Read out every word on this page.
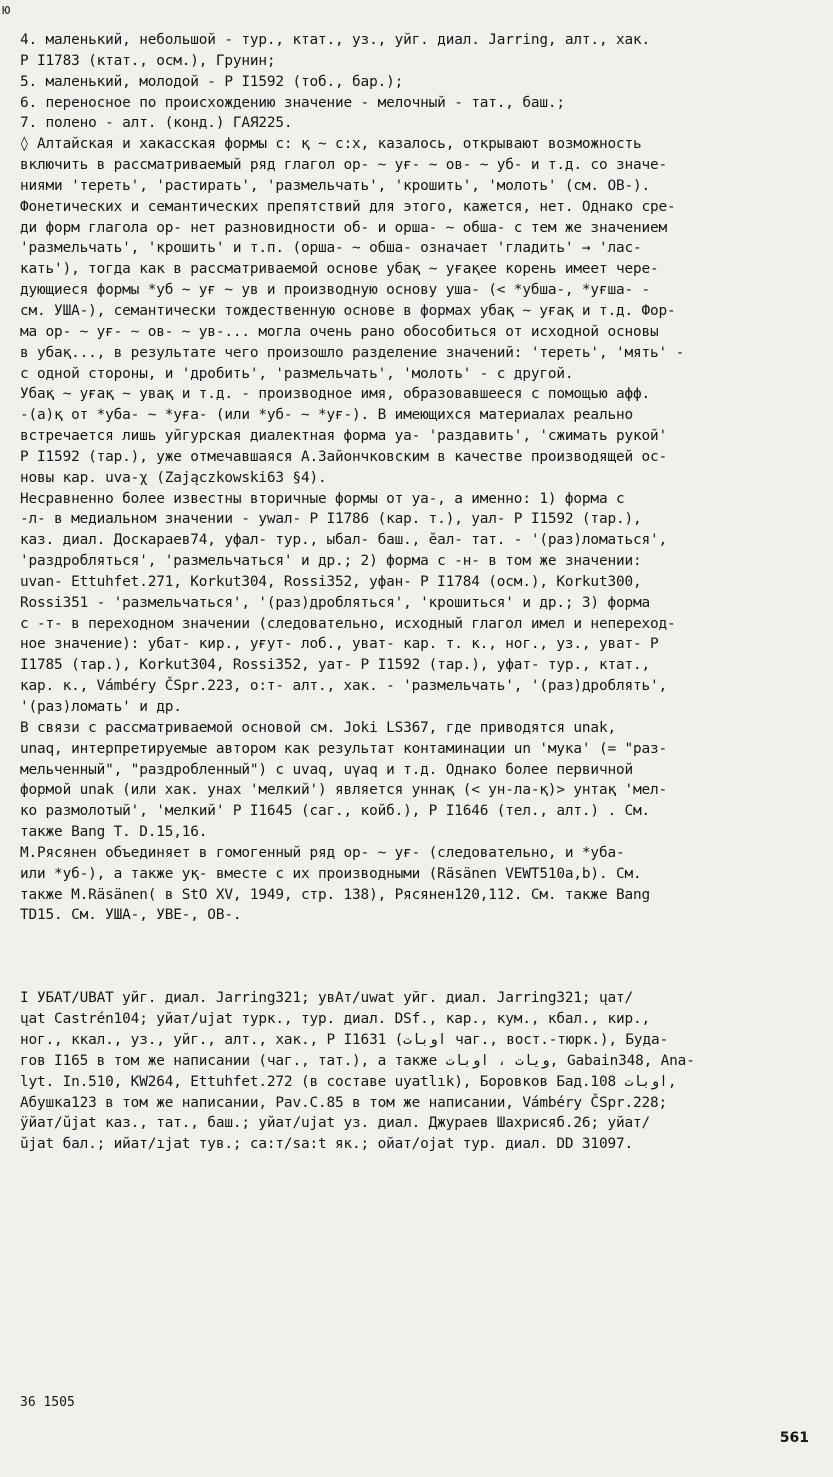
ю
4. маленький, небольшой - тур., ктат., уз., уйг. диал. Jarring, алт., хак.
P I1783 (ктат., осм.), Грунин;
5. маленький, молодой - P I1592 (тоб., бар.);
6. переносное по происхождению значение - мелочный - тат., баш.;
7. полено - алт. (конд.) ГАЯ225.
◊ Алтайская и хакасская формы с: қ ~ с:х, казалось, открывают возможность
включить в рассматриваемый ряд глагол ор- ~ уғ- ~ ов- ~ уб- и т.д. со значе-
ниями 'тереть', 'растирать', 'размельчать', 'крошить', 'молоть' (см. ОВ-).
Фонетических и семантических препятствий для этого, кажется, нет. Однако сре-
ди форм глагола ор- нет разновидности об- и орша- ~ обша- с тем же значением
'размельчать', 'крошить' и т.п. (орша- ~ обша- означает 'гладить' → 'лас-
кать'), тогда как в рассматриваемой основе убақ ~ уғақее корень имеет чере-
дующиеся формы *уб ~ уғ ~ ув и производную основу уша- (< *убша-, *уғша- -
см. УША-), семантически тождественную основе в формах убақ ~ уғақ и т.д. Фор-
ма ор- ~ уғ- ~ ов- ~ ув-... могла очень рано обособиться от исходной основы
в убақ..., в результате чего произошло разделение значений: 'тереть', 'мять' -
с одной стороны, и 'дробить', 'размельчать', 'молоть' - с другой.
Убақ ~ уғақ ~ увақ и т.д. - производное имя, образовавшееся с помощью афф.
-(а)қ от *уба- ~ *уға- (или *уб- ~ *уғ-). В имеющихся материалах реально
встречается лишь уйгурская диалектная форма уа- 'раздавить', 'сжимать рукой'
P I1592 (тар.), уже отмечавшаяся А.Зайончковским в качестве производящей ос-
новы кар. uva-χ (Zajączkowski63 §4).
Несравненно более известны вторичные формы от уа-, а именно: 1) форма с
-л- в медиальном значении - уwал- P I1786 (кар. т.), уал- P I1592 (тар.),
каз. диал. Доскараев74, уфал- тур., ыбал- баш., ӗал- тат. - '(раз)ломаться',
'раздробляться', 'размельчаться' и др.; 2) форма с -н- в том же значении:
uvan- Ettuhfet.271, Korkut304, Rossi352, уфан- P I1784 (осм.), Korkut300,
Rossi351 - 'размельчаться', '(раз)дробляться', 'крошиться' и др.; 3) форма
с -т- в переходном значении (следовательно, исходный глагол имел и непереход-
ное значение): убат- кир., уғут- лоб., уват- кар. т. к., ног., уз., уват- P
I1785 (тар.), Korkut304, Rossi352, уат- P I1592 (тар.), уфат- тур., ктат.,
кар. к., Vámbéry ČSpr.223, о:т- алт., хак. - 'размельчать', '(раз)дроблять',
'(раз)ломать' и др.
В связи с рассматриваемой основой см. Joki LS367, где приводятся unak,
unaq, интерпретируемые автором как результат контаминации un 'мука' (= "раз-
мельченный", "раздробленный") с uvaq, uγaq и т.д. Однако более первичной
формой unak (или хак. унах 'мелкий') является уннақ (< ун-ла-қ)> унтақ 'мел-
ко размолотый', 'мелкий' P I1645 (саг., койб.), P I1646 (тел., алт.) . См.
также Bang T. D.15,16.
М.Рясянен объединяет в гомогенный ряд ор- ~ уғ- (следовательно, и *уба-
или *уб-), а также уқ- вместе с их производными (Räsänen VEWT510a,b). См.
также M.Räsänen( в StO XV, 1949, стр. 138), Рясянен120,112. См. также Bang
TD15. См. УША-, УВЕ-, ОВ-.
I УБАТ/UBAT уйг. диал. Jarring321; увАт/uwat уйг. диал. Jarring321; ųат/
ųat Castrén104; уйат/ujat туpк., тур. диал. DSf., кар., кум., кбал., кир.,
ног., ккал., уз., уйг., алт., хак., P I1631 (اوبات чаг., вост.-тюрк.), Будa-
гов I165 в том же написании (чаг., тат.), а также ویات ، اوبات, Gabain348, Ana-
lyt. In.510, KW264, Ettuhfet.272 (в составе uyatlık), Боровков Бад.108 اوبات,
Абушка123 в том же написании, Pav.C.85 в том же написании, Vámbéry ČSpr.228;
ӱйат/ŭjat каз., тат., баш.; уйат/ujat уз. диал. Джураев Шахрисяб.26; уйат/
ŭjat бал.; ийат/ıjat тув.; са:т/sa:t як.; ойат/ojat тур. диал. DD 31097.
36 1505
561
